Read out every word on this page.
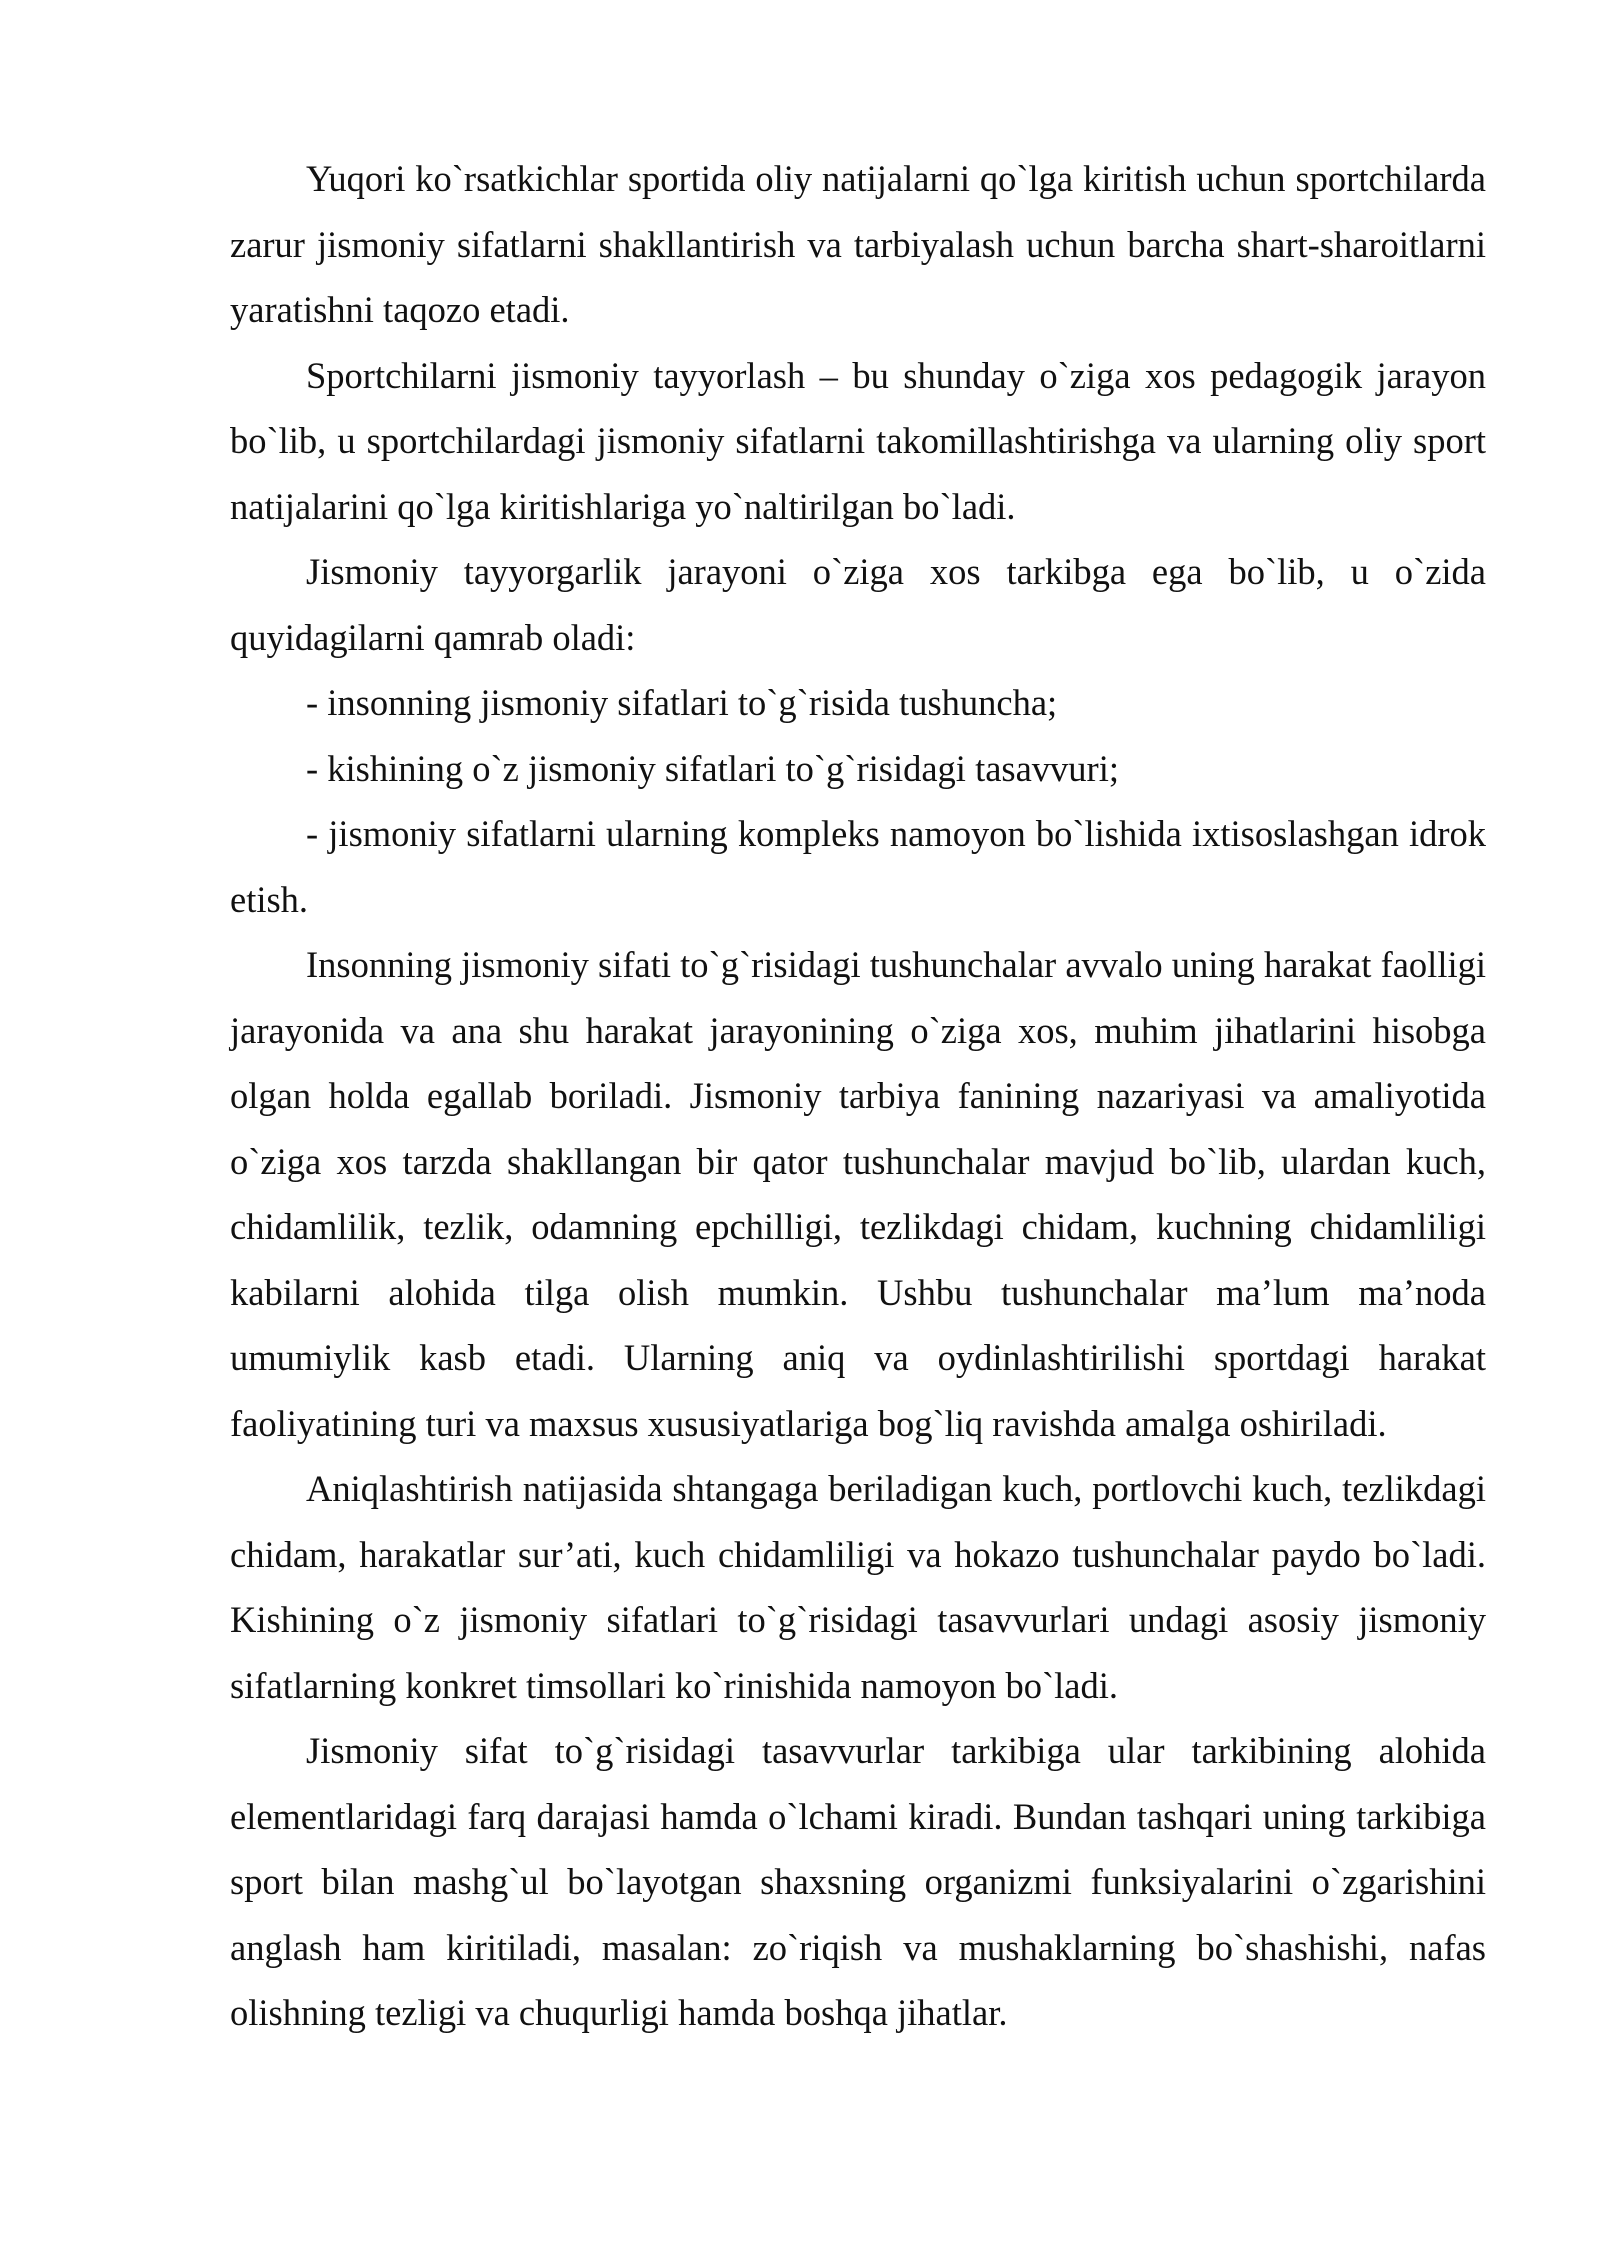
Yuqori ko`rsatkichlar sportida oliy natijalarni qo`lga kiritish uchun sportchilarda zarur jismoniy sifatlarni shakllantirish va tarbiyalash uchun barcha shart-sharoitlarni yaratishni taqozo etadi.

Sportchilarni jismoniy tayyorlash – bu shunday o`ziga xos pedagogik jarayon bo`lib, u sportchilardagi jismoniy sifatlarni takomillashtirishga va ularning oliy sport natijalarini qo`lga kiritishlariga yo`naltirilgan bo`ladi.

Jismoniy tayyorgarlik jarayoni o`ziga xos tarkibga ega bo`lib, u o`zida quyidagilarni qamrab oladi:

- insonning jismoniy sifatlari to`g`risida tushuncha;

- kishining o`z jismoniy sifatlari to`g`risidagi tasavvuri;

- jismoniy sifatlarni ularning kompleks namoyon bo`lishida ixtisoslashgan idrok etish.

Insonning jismoniy sifati to`g`risidagi tushunchalar avvalo uning harakat faolligi jarayonida va ana shu harakat jarayonining o`ziga xos, muhim jihatlarini hisobga olgan holda egallab boriladi. Jismoniy tarbiya fanining nazariyasi va amaliyotida o`ziga xos tarzda shakllangan bir qator tushunchalar mavjud bo`lib, ulardan kuch, chidamlilik, tezlik, odamning epchilligi, tezlikdagi chidam, kuchning chidamliligi kabilarni alohida tilga olish mumkin. Ushbu tushunchalar ma’lum ma’noda umumiylik kasb etadi. Ularning aniq va oydinlashtirilishi sportdagi harakat faoliyatining turi va maxsus xususiyatlariga bog`liq ravishda amalga oshiriladi.

Aniqlashtirish natijasida shtangaga beriladigan kuch, portlovchi kuch, tezlikdagi chidam, harakatlar sur’ati, kuch chidamliligi va hokazo tushunchalar paydo bo`ladi. Kishining o`z jismoniy sifatlari to`g`risidagi tasavvurlari undagi asosiy jismoniy sifatlarning konkret timsollari ko`rinishida namoyon bo`ladi.

Jismoniy sifat to`g`risidagi tasavvurlar tarkibiga ular tarkibining alohida elementlaridagi farq darajasi hamda o`lchami kiradi. Bundan tashqari uning tarkibiga sport bilan mashg`ul bo`layotgan shaxsning organizmi funksiyalarini o`zgarishini anglash ham kiritiladi, masalan: zo`riqish va mushaklarning bo`shashishi, nafas olishning tezligi va chuqurligi hamda boshqa jihatlar.
